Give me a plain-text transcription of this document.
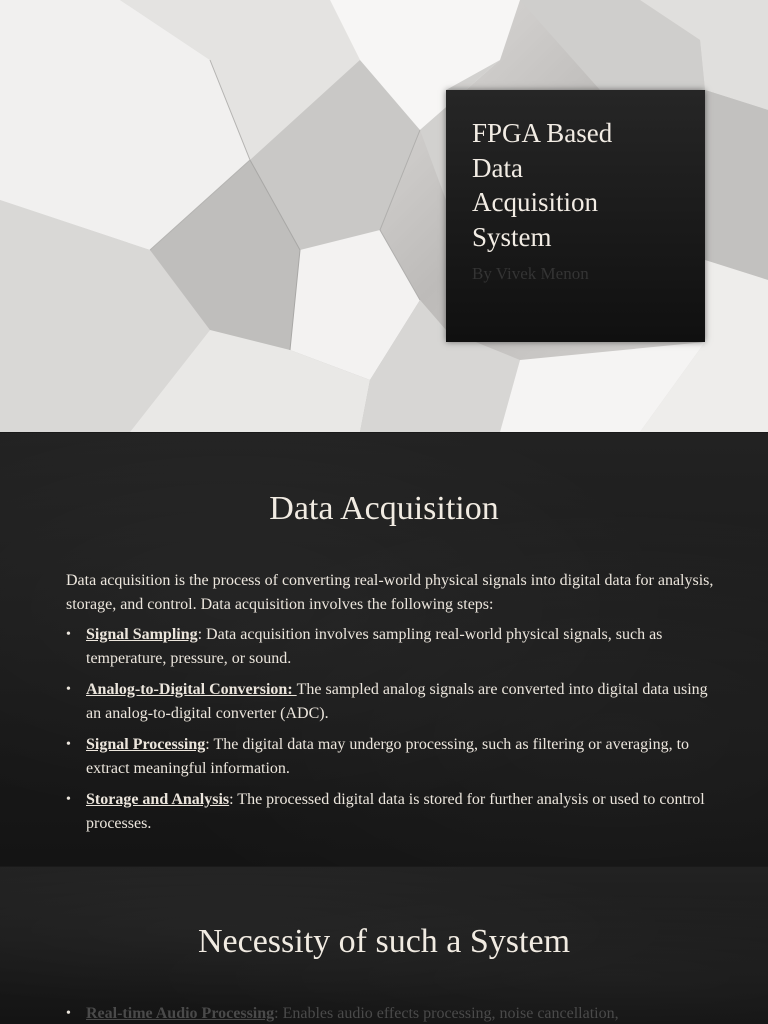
FPGA Based
Data
Acquisition
System
By Vivek Menon
Data Acquisition

Data acquisition is the process of converting real-world physical signals into digital data for analysis, storage, and control. Data acquisition involves the following steps:

• Signal Sampling: Data acquisition involves sampling real-world physical signals, such as temperature, pressure, or sound.
• Analog-to-Digital Conversion: The sampled analog signals are converted into digital data using an analog-to-digital converter (ADC).
• Signal Processing: The digital data may undergo processing, such as filtering or averaging, to extract meaningful information.
• Storage and Analysis: The processed digital data is stored for further analysis or used to control processes.
Necessity of such a System
• Real-time Audio Processing: Enables audio effects processing, noise cancellation,
